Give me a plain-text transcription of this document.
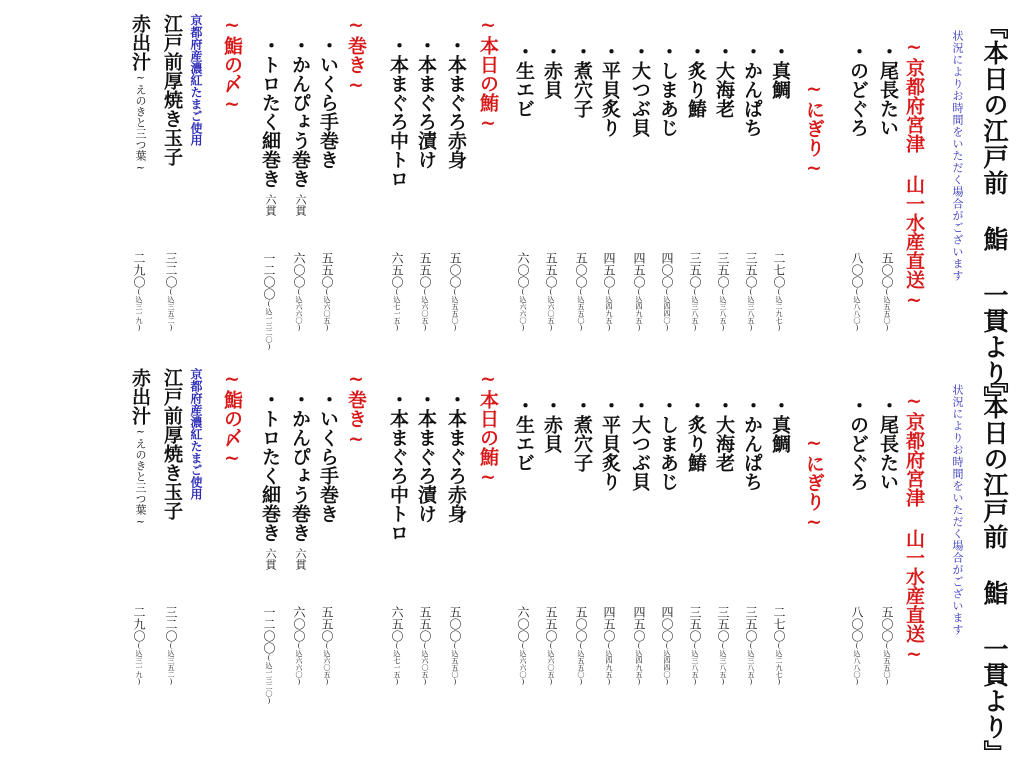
『本日の江戸前 鮨 一貫より』
状況によりお時間をいただく場合がございます
・尾長たい
五〇〇(込五五〇)
・のどぐろ
八〇〇(込八八〇) ~京都府宮津 山一水産直送~
~にぎり~
・真鯛
二七〇(込二九七)
・かんぱち
三五〇(込三八五)
・大海老
三五〇(込三八五)
・炙り鰆
三五〇(込三八五)
・しまあじ
四〇〇(込四四〇)
・大つぶ貝
四五〇(込四九五)
・平貝炙り
四五〇(込四九五)
・煮穴子
五〇〇(込五五〇)
・赤貝
五五〇(込六〇五)
・生エビ
六〇〇(込六六〇)
~本日の鮪~
・本まぐろ赤身
五〇〇(込五五〇)
・本まぐろ漬け
五五〇(込六〇五)
・本まぐろ中トロ
六五〇(込七一五)
~巻き~
・いくら手巻き
五五〇(込六〇五)
・かんぴょう巻き六貫
六〇〇(込六六〇)
・トロたく細巻き六貫
一二〇〇(込一三二〇)
~鮨の〆~
京都府産濃紅たまご使用
江戸前厚焼き玉子
三二〇(込三五二)
赤出汁~えのきと三つ葉~
二九〇(込三一九)
『本日の江戸前 鮨 一貫より』
状況によりお時間をいただく場合がございます
・尾長たい
五〇〇(込五五〇)
・のどぐろ
八〇〇(込八八〇) ~京都府宮津 山一水産直送~
~にぎり~
・真鯛
二七〇(込二九七)
・かんぱち
三五〇(込三八五)
・大海老
三五〇(込三八五)
・炙り鰆
三五〇(込三八五)
・しまあじ
四〇〇(込四四〇)
・大つぶ貝
四五〇(込四九五)
・平貝炙り
四五〇(込四九五)
・煮穴子
五〇〇(込五五〇)
・赤貝
五五〇(込六〇五)
・生エビ
六〇〇(込六六〇)
~本日の鮪~
・本まぐろ赤身
五〇〇(込五五〇)
・本まぐろ漬け
五五〇(込六〇五)
・本まぐろ中トロ
六五〇(込七一五)
~巻き~
・いくら手巻き
五五〇(込六〇五)
・かんぴょう巻き六貫
六〇〇(込六六〇)
・トロたく細巻き六貫
一二〇〇(込一三二〇)
~鮨の〆~
京都府産濃紅たまご使用
江戸前厚焼き玉子
三二〇(込三五二)
赤出汁~えのきと三つ葉~
二九〇(込三一九)
